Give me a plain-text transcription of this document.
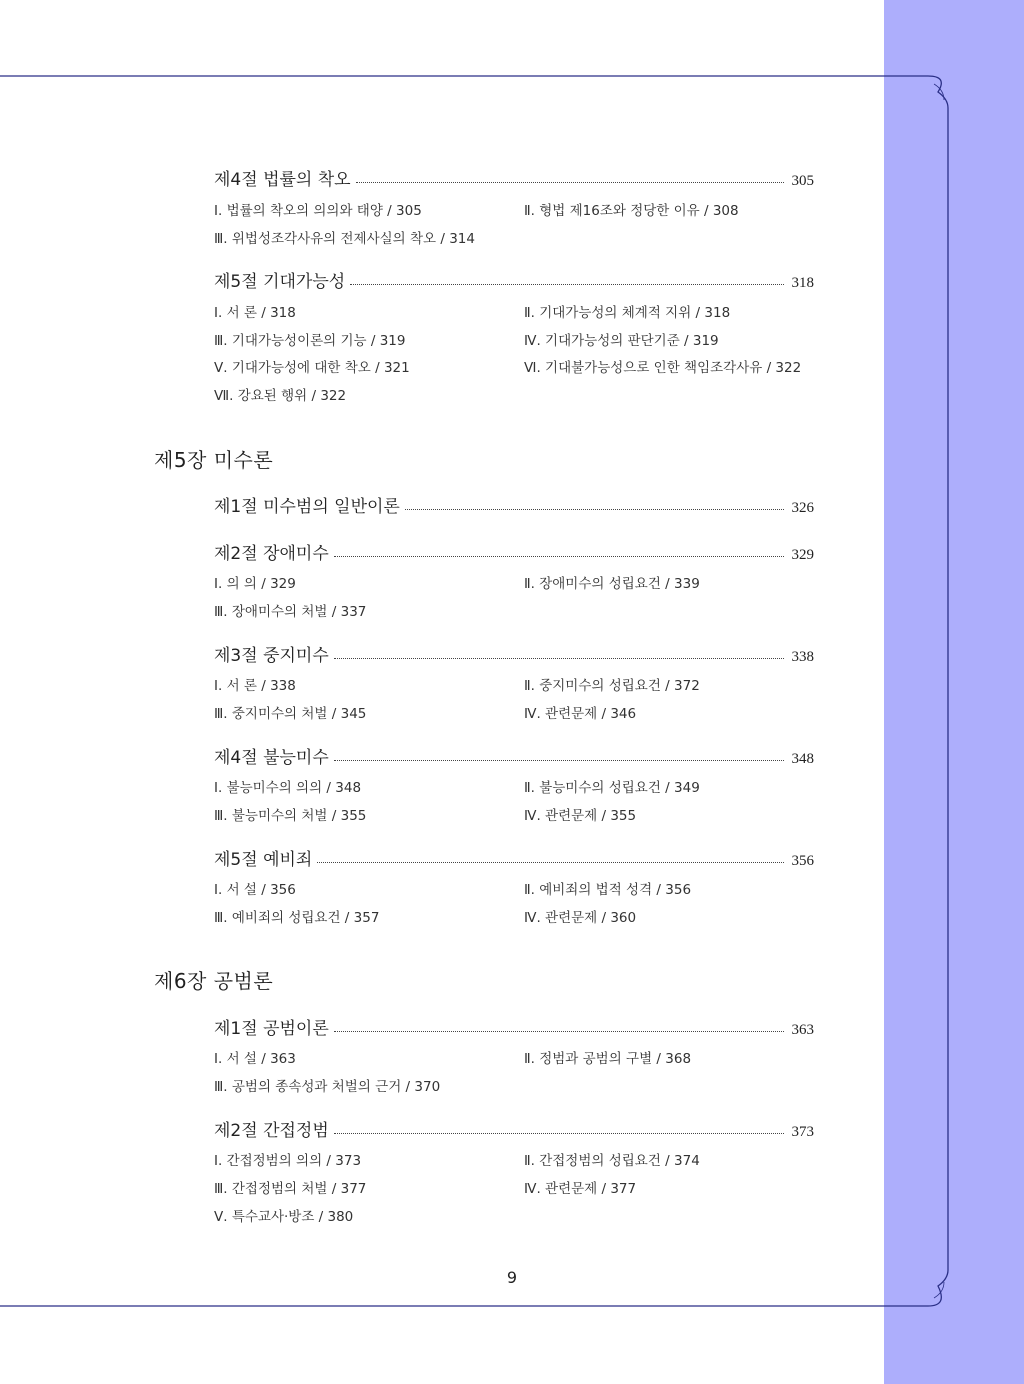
제4절 법률의 착오	305
Ⅰ. 법률의 착오의 의의와 태양 / 305	Ⅱ. 형법 제16조와 정당한 이유 / 308
Ⅲ. 위법성조각사유의 전제사실의 착오 / 314
제5절 기대가능성	318
Ⅰ. 서 론 / 318	Ⅱ. 기대가능성의 체계적 지위 / 318
Ⅲ. 기대가능성이론의 기능 / 319	Ⅳ. 기대가능성의 판단기준 / 319
Ⅴ. 기대가능성에 대한 착오 / 321	Ⅵ. 기대불가능성으로 인한 책임조각사유 / 322
Ⅶ. 강요된 행위 / 322
제5장 미수론
제1절 미수범의 일반이론	326
제2절 장애미수	329
Ⅰ. 의 의 / 329	Ⅱ. 장애미수의 성립요건 / 339
Ⅲ. 장애미수의 처벌 / 337
제3절 중지미수	338
Ⅰ. 서 론 / 338	Ⅱ. 중지미수의 성립요건 / 372
Ⅲ. 중지미수의 처벌 / 345	Ⅳ. 관련문제 / 346
제4절 불능미수	348
Ⅰ. 불능미수의 의의 / 348	Ⅱ. 불능미수의 성립요건 / 349
Ⅲ. 불능미수의 처벌 / 355	Ⅳ. 관련문제 / 355
제5절 예비죄	356
Ⅰ. 서 설 / 356	Ⅱ. 예비죄의 법적 성격 / 356
Ⅲ. 예비죄의 성립요건 / 357	Ⅳ. 관련문제 / 360
제6장 공범론
제1절 공범이론	363
Ⅰ. 서 설 / 363	Ⅱ. 정범과 공범의 구별 / 368
Ⅲ. 공범의 종속성과 처벌의 근거 / 370
제2절 간접정범	373
Ⅰ. 간접정범의 의의 / 373	Ⅱ. 간접정범의 성립요건 / 374
Ⅲ. 간접정범의 처벌 / 377	Ⅳ. 관련문제 / 377
Ⅴ. 특수교사·방조 / 380
9
